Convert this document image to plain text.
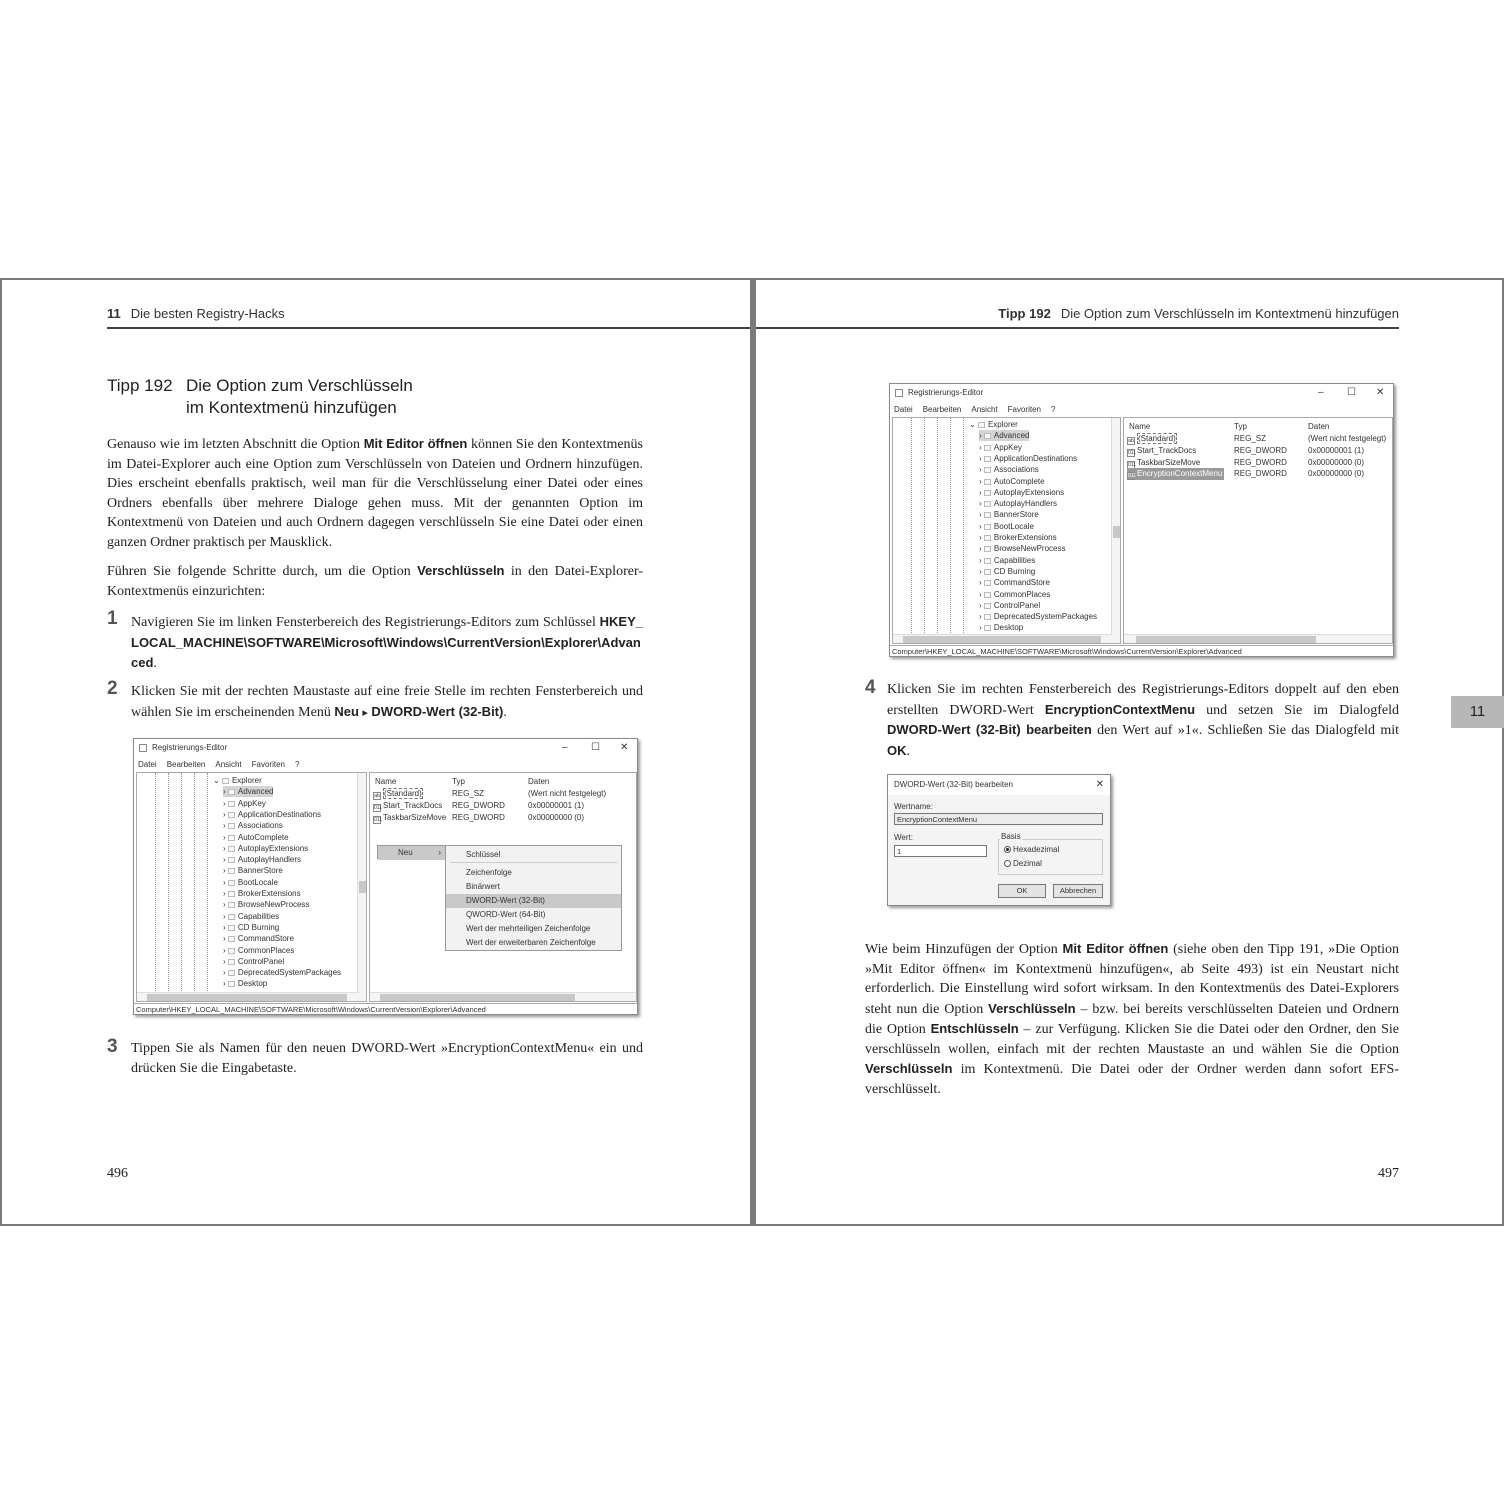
11 Die besten Registry-Hacks
Tipp 192 Die Option zum Verschlüsseln
im Kontextmenü hinzufügen
Genauso wie im letzten Abschnitt die Option Mit Editor öffnen können Sie den Kontextmenüs im Datei-Explorer auch eine Option zum Verschlüsseln von Dateien und Ordnern hinzufügen. Dies erscheint ebenfalls praktisch, weil man für die Verschlüsselung einer Datei oder eines Ordners ebenfalls über mehrere Dialoge gehen muss. Mit der genannten Option im Kontextmenü von Dateien und auch Ordnern dagegen verschlüsseln Sie eine Datei oder einen ganzen Ordner praktisch per Mausklick.
Führen Sie folgende Schritte durch, um die Option Verschlüsseln in den Datei-Explorer-Kontextmenüs einzurichten:
1 Navigieren Sie im linken Fensterbereich des Registrierungs-Editors zum Schlüssel HKEY_LOCAL_MACHINE\SOFTWARE\Microsoft\Windows\CurrentVersion\Explorer\Advanced.
2 Klicken Sie mit der rechten Maustaste auf eine freie Stelle im rechten Fensterbereich und wählen Sie im erscheinenden Menü Neu ▸ DWORD-Wert (32-Bit).
Registrierungs-Editor	– ☐ ✕
Datei Bearbeiten Ansicht Favoriten ?
⌄ Explorer
› Advanced
› AppKey
› ApplicationDestinations
› Associations
› AutoComplete
› AutoplayExtensions
› AutoplayHandlers
› BannerStore
› BootLocale
› BrokerExtensions
› BrowseNewProcess
› Capabilities
› CD Burning
› CommandStore
› CommonPlaces
› ControlPanel
› DeprecatedSystemPackages
› Desktop
Name	Typ	Daten
ab (Standard)	REG_SZ	(Wert nicht festgelegt)
011Start_TrackDocs REG_DWORD	0x00000001 (1)
011TaskbarSizeMove REG_DWORD	0x00000000 (0)
Neu	›	Schlüssel
Zeichenfolge
Binärwert
DWORD-Wert (32-Bit)
QWORD-Wert (64-Bit)
Wert der mehrteiligen Zeichenfolge
Wert der erweiterbaren Zeichenfolge
Computer\HKEY_LOCAL_MACHINE\SOFTWARE\Microsoft\Windows\CurrentVersion\Explorer\Advanced
3 Tippen Sie als Namen für den neuen DWORD-Wert »EncryptionContextMenu« ein und drücken Sie die Eingabetaste.
496
Tipp 192 Die Option zum Verschlüsseln im Kontextmenü hinzufügen
Registrierungs-Editor	– ☐ ✕
Datei Bearbeiten Ansicht Favoriten ?
⌄ Explorer
› Advanced
› AppKey
› ApplicationDestinations
› Associations
› AutoComplete
› AutoplayExtensions
› AutoplayHandlers
› BannerStore
› BootLocale
› BrokerExtensions
› BrowseNewProcess
› Capabilities
› CD Burning
› CommandStore
› CommonPlaces
› ControlPanel
› DeprecatedSystemPackages
› Desktop
Name	Typ	Daten
ab (Standard)	REG_SZ	(Wert nicht festgelegt)
011Start_TrackDocs	REG_DWORD	0x00000001 (1)
011TaskbarSizeMove	REG_DWORD	0x00000000 (0)
011EncryptionContextMenu REG_DWORD	0x00000000 (0)
Computer\HKEY_LOCAL_MACHINE\SOFTWARE\Microsoft\Windows\CurrentVersion\Explorer\Advanced
4 Klicken Sie im rechten Fensterbereich des Registrierungs-Editors doppelt auf den eben erstellten DWORD-Wert EncryptionContextMenu und setzen Sie im Dialogfeld DWORD-Wert (32-Bit) bearbeiten den Wert auf »1«. Schließen Sie das Dialogfeld mit OK.
DWORD-Wert (32-Bit) bearbeiten	✕
Wertname:
EncryptionContextMenu
Wert:
1
Basis
Hexadezimal
Dezimal
OK	Abbrechen
Wie beim Hinzufügen der Option Mit Editor öffnen (siehe oben den Tipp 191, »Die Option »Mit Editor öffnen« im Kontextmenü hinzufügen«, ab Seite 493) ist ein Neustart nicht erforderlich. Die Einstellung wird sofort wirksam. In den Kontextmenüs des Datei-Explorers steht nun die Option Verschlüsseln – bzw. bei bereits verschlüsselten Dateien und Ordnern die Option Entschlüsseln – zur Verfügung. Klicken Sie die Datei oder den Ordner, den Sie verschlüsseln wollen, einfach mit der rechten Maustaste an und wählen Sie die Option Verschlüsseln im Kontextmenü. Die Datei oder der Ordner werden dann sofort EFS-verschlüsselt.
11
497
